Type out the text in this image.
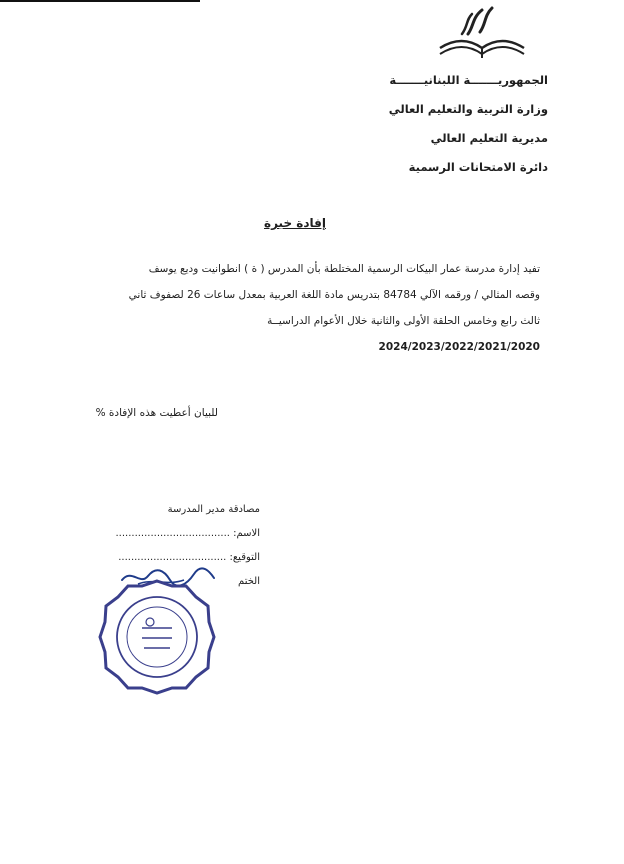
الجمهوريـــــــة اللبنانيـــــــة
وزارة التربية والتعليم العالي
مديرية التعليم العالي
دائرة الامتحانات الرسمية
إفادة خبرة
تفيد إدارة مدرسة عمار البيكات الرسمية المختلطة بأن المدرس ( ة ) انطوانيت وديع يوسف
وقصه المثالي / ورقمه الآلي 84784 بتدريس مادة اللغة العربية بمعدل ساعات 26 لصفوف ثاني
ثالث رابع وخامس الحلقة الأولى والثانية خلال الأعوام الدراسيــة
2024/2023/2022/2021/2020
للبيان أعطيت هذه الإفادة %
مصادقة مدير المدرسة
الاسم: ....................................
التوقيع: ..................................
الختم
